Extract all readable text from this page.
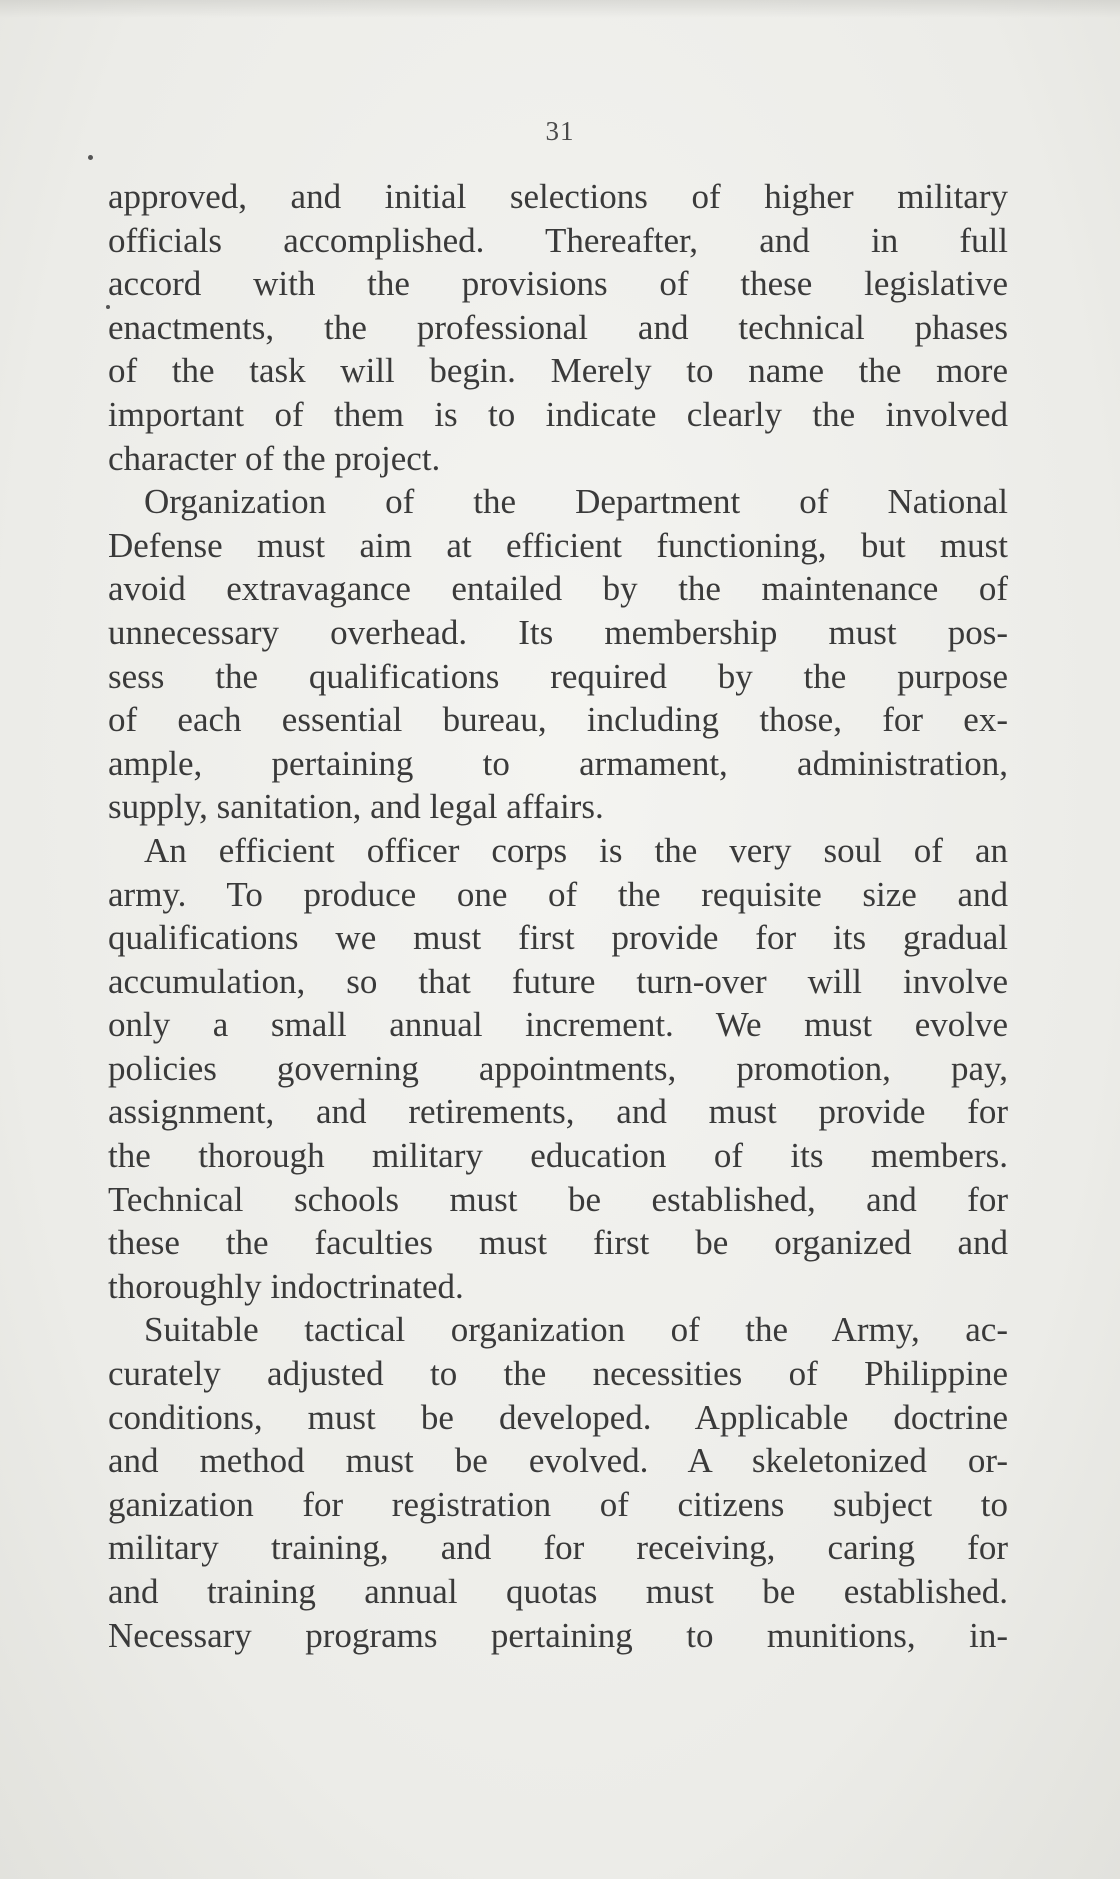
31
approved, and initial selections of higher military
officials accomplished. Thereafter, and in full
accord with the provisions of these legislative
enactments, the professional and technical phases
of the task will begin. Merely to name the more
important of them is to indicate clearly the involved
character of the project.
Organization of the Department of National
Defense must aim at efficient functioning, but must
avoid extravagance entailed by the maintenance of
unnecessary overhead. Its membership must pos-
sess the qualifications required by the purpose
of each essential bureau, including those, for ex-
ample, pertaining to armament, administration,
supply, sanitation, and legal affairs.
An efficient officer corps is the very soul of an
army. To produce one of the requisite size and
qualifications we must first provide for its gradual
accumulation, so that future turn-over will involve
only a small annual increment. We must evolve
policies governing appointments, promotion, pay,
assignment, and retirements, and must provide for
the thorough military education of its members.
Technical schools must be established, and for
these the faculties must first be organized and
thoroughly indoctrinated.
Suitable tactical organization of the Army, ac-
curately adjusted to the necessities of Philippine
conditions, must be developed. Applicable doctrine
and method must be evolved. A skeletonized or-
ganization for registration of citizens subject to
military training, and for receiving, caring for
and training annual quotas must be established.
Necessary programs pertaining to munitions, in-
